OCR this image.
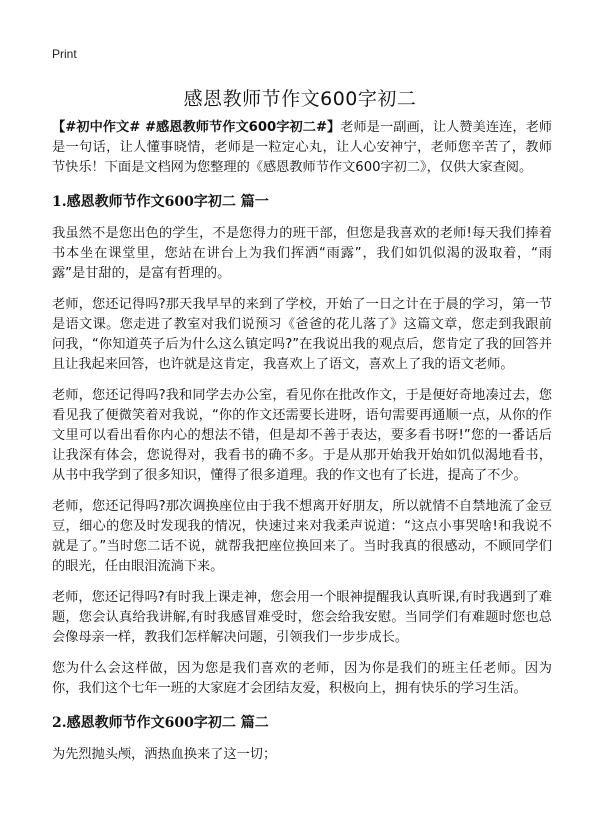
Print
感恩教师节作文600字初二

【#初中作文# #感恩教师节作文600字初二#】老师是一副画，让人赞美连连，老师是一句话，让人懂事晓情，老师是一粒定心丸，让人心安神宁，老师您辛苦了，教师节快乐！下面是文档网为您整理的《感恩教师节作文600字初二》，仅供大家查阅。

1.感恩教师节作文600字初二 篇一

我虽然不是您出色的学生，不是您得力的班干部，但您是我喜欢的老师!每天我们捧着书本坐在课堂里，您站在讲台上为我们挥洒“雨露”，我们如饥似渴的汲取着，“雨露”是甘甜的，是富有哲理的。

老师，您还记得吗?那天我早早的来到了学校，开始了一日之计在于晨的学习，第一节是语文课。您走进了教室对我们说预习《爸爸的花儿落了》这篇文章，您走到我跟前问我，“你知道英子后为什么这么镇定吗?”在我说出我的观点后，您肯定了我的回答并且让我起来回答，也许就是这肯定，我喜欢上了语文，喜欢上了我的语文老师。

老师，您还记得吗?我和同学去办公室，看见你在批改作文，于是便好奇地凑过去，您看见我了便微笑着对我说，“你的作文还需要长进呀，语句需要再通顺一点，从你的作文里可以看出看你内心的想法不错，但是却不善于表达，要多看书呀!”您的一番话后让我深有体会，您说得对，我看书的确不多。于是从那开始我开始如饥似渴地看书，从书中我学到了很多知识，懂得了很多道理。我的作文也有了长进，提高了不少。

老师，您还记得吗?那次调换座位由于我不想离开好朋友，所以就情不自禁地流了金豆豆，细心的您及时发现我的情况，快速过来对我柔声说道：“这点小事哭啥!和我说不就是了。”当时您二话不说，就帮我把座位换回来了。当时我真的很感动，不顾同学们的眼光，任由眼泪流淌下来。

老师，您还记得吗?有时我上课走神，您会用一个眼神提醒我认真听课,有时我遇到了难题，您会认真给我讲解,有时我感冒难受时，您会给我安慰。当同学们有难题时您也总会像母亲一样，教我们怎样解决问题，引领我们一步步成长。

您为什么会这样做，因为您是我们喜欢的老师，因为你是我们的班主任老师。因为你，我们这个七年一班的大家庭才会团结友爱，积极向上，拥有快乐的学习生活。

2.感恩教师节作文600字初二 篇二

为先烈抛头颅，洒热血换来了这一切；
